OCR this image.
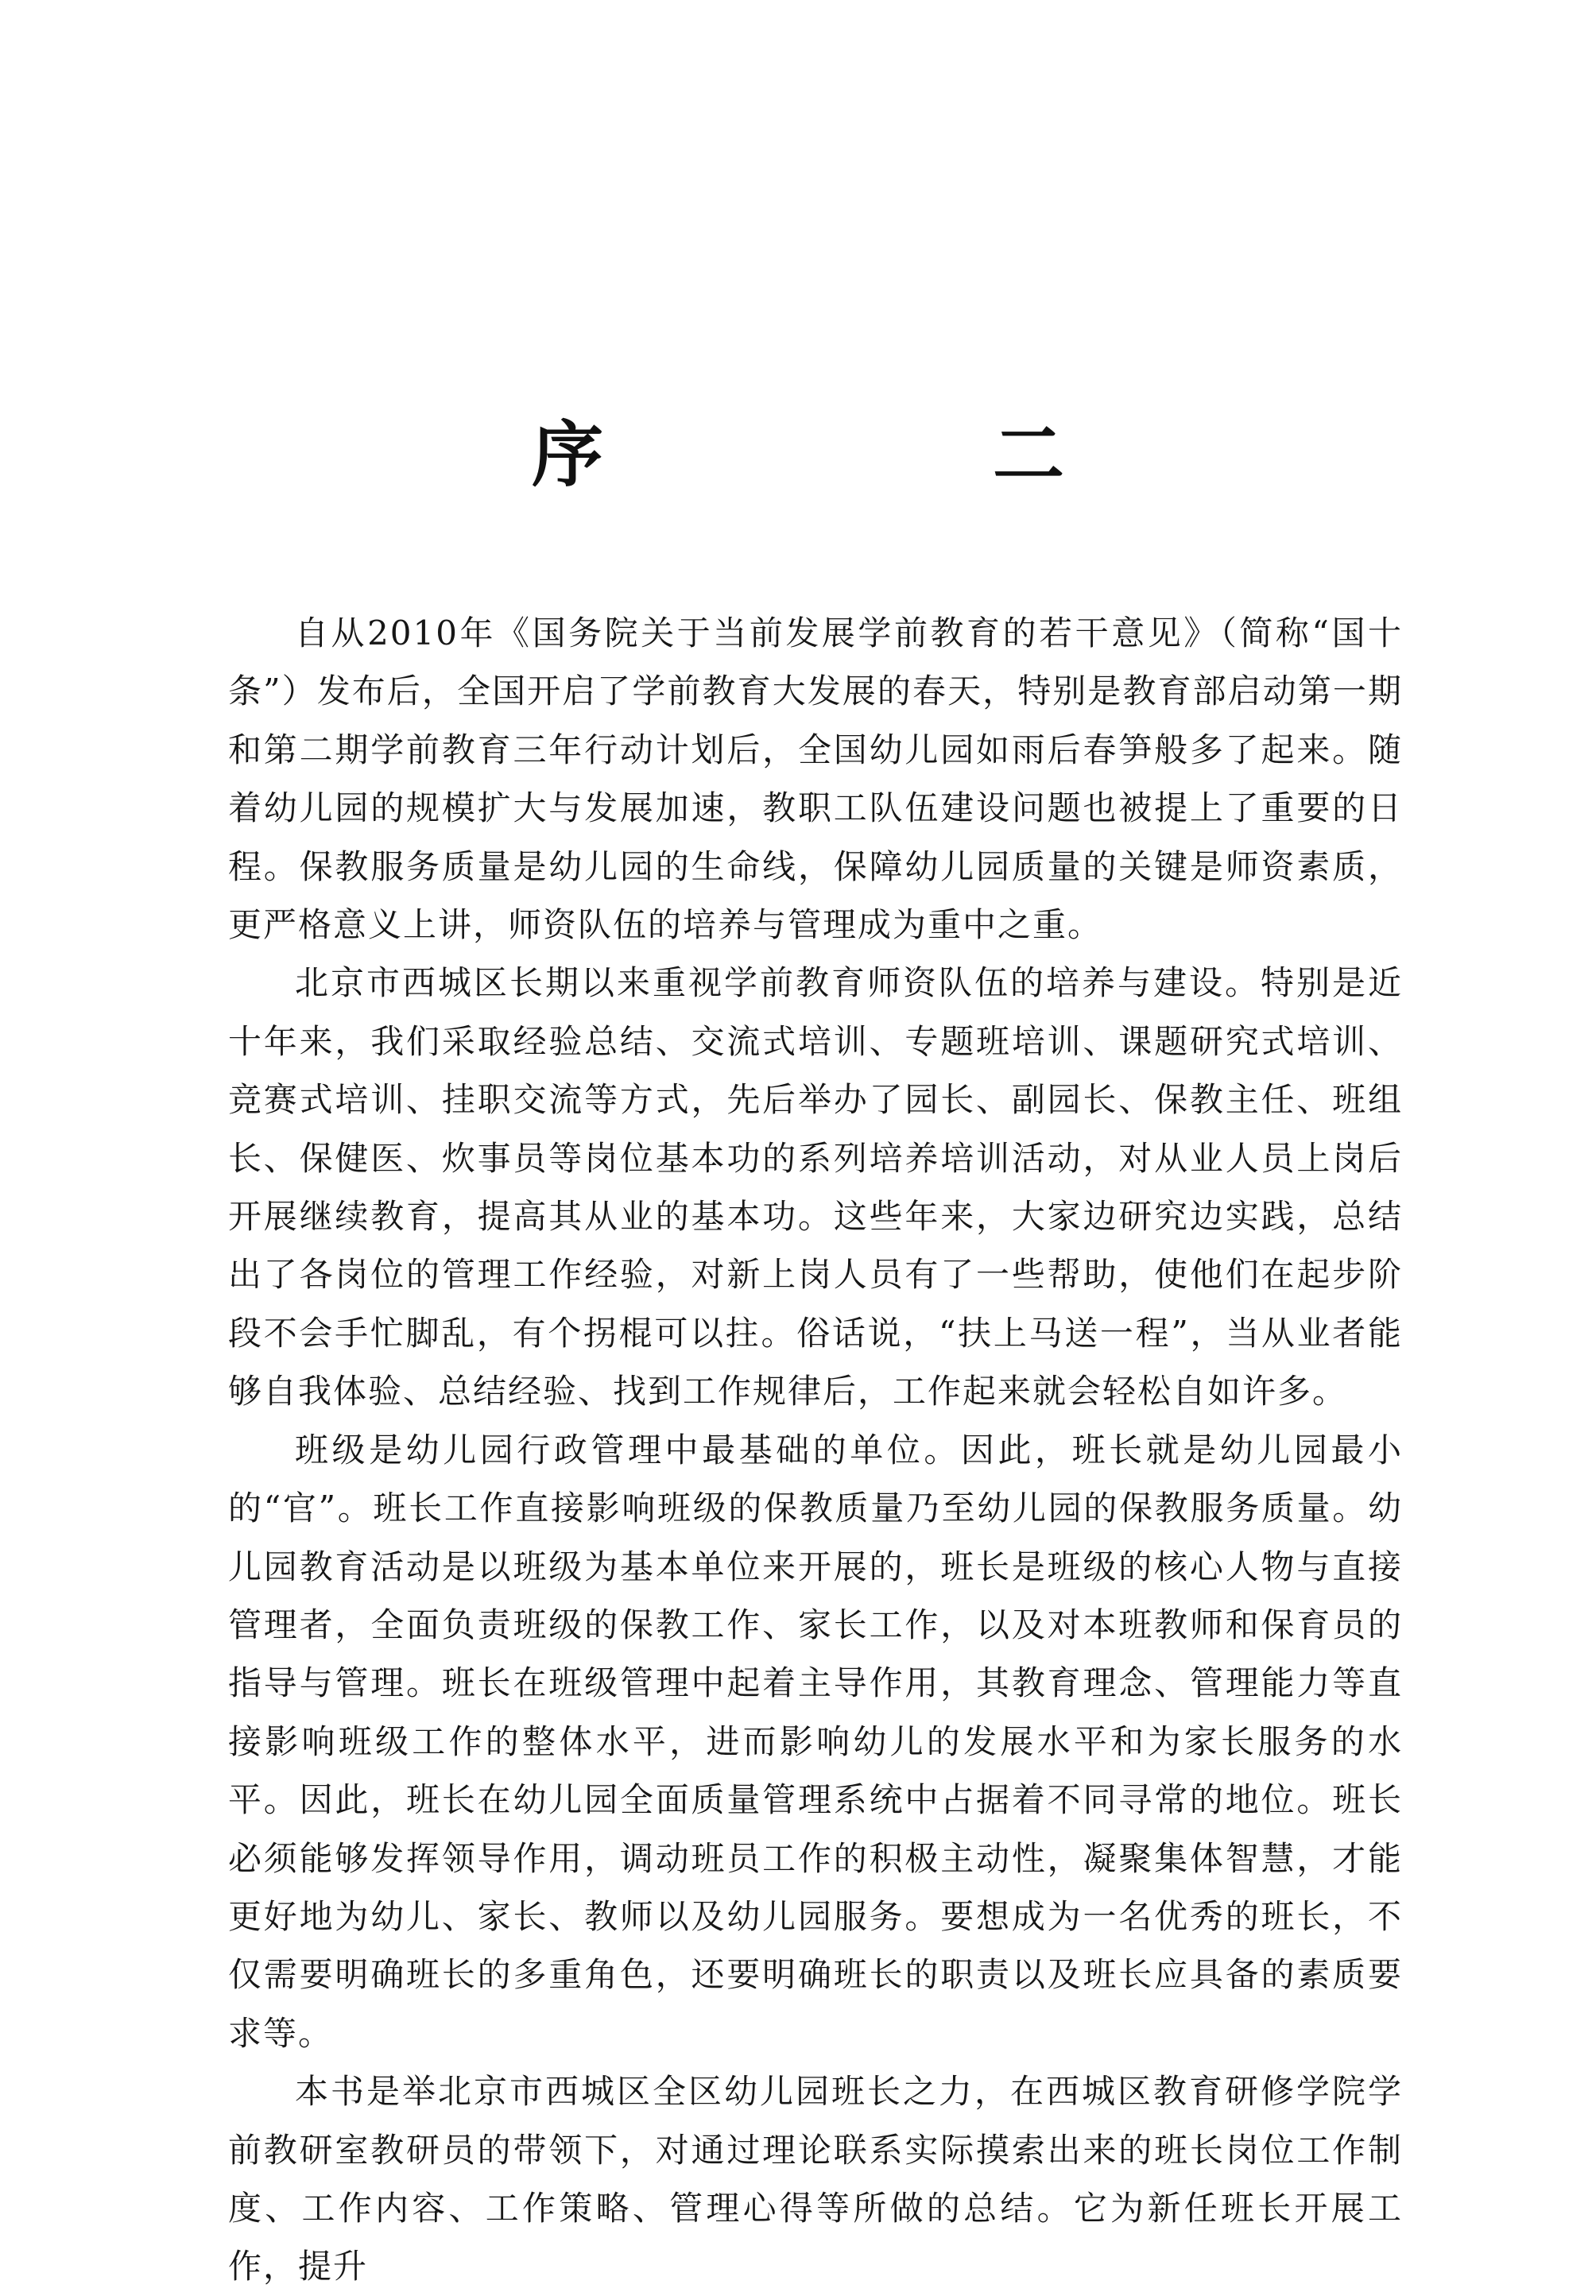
序　二

自从2010年《国务院关于当前发展学前教育的若干意见》（简称“国十条”）发布后，全国开启了学前教育大发展的春天，特别是教育部启动第一期和第二期学前教育三年行动计划后，全国幼儿园如雨后春笋般多了起来。随着幼儿园的规模扩大与发展加速，教职工队伍建设问题也被提上了重要的日程。保教服务质量是幼儿园的生命线，保障幼儿园质量的关键是师资素质，更严格意义上讲，师资队伍的培养与管理成为重中之重。

北京市西城区长期以来重视学前教育师资队伍的培养与建设。特别是近十年来，我们采取经验总结、交流式培训、专题班培训、课题研究式培训、竞赛式培训、挂职交流等方式，先后举办了园长、副园长、保教主任、班组长、保健医、炊事员等岗位基本功的系列培养培训活动，对从业人员上岗后开展继续教育，提高其从业的基本功。这些年来，大家边研究边实践，总结出了各岗位的管理工作经验，对新上岗人员有了一些帮助，使他们在起步阶段不会手忙脚乱，有个拐棍可以拄。俗话说，“扶上马送一程”，当从业者能够自我体验、总结经验、找到工作规律后，工作起来就会轻松自如许多。

班级是幼儿园行政管理中最基础的单位。因此，班长就是幼儿园最小的“官”。班长工作直接影响班级的保教质量乃至幼儿园的保教服务质量。幼儿园教育活动是以班级为基本单位来开展的，班长是班级的核心人物与直接管理者，全面负责班级的保教工作、家长工作，以及对本班教师和保育员的指导与管理。班长在班级管理中起着主导作用，其教育理念、管理能力等直接影响班级工作的整体水平，进而影响幼儿的发展水平和为家长服务的水平。因此，班长在幼儿园全面质量管理系统中占据着不同寻常的地位。班长必须能够发挥领导作用，调动班员工作的积极主动性，凝聚集体智慧，才能更好地为幼儿、家长、教师以及幼儿园服务。要想成为一名优秀的班长，不仅需要明确班长的多重角色，还要明确班长的职责以及班长应具备的素质要求等。

本书是举北京市西城区全区幼儿园班长之力，在西城区教育研修学院学前教研室教研员的带领下，对通过理论联系实际摸索出来的班长岗位工作制度、工作内容、工作策略、管理心得等所做的总结。它为新任班长开展工作，提升
